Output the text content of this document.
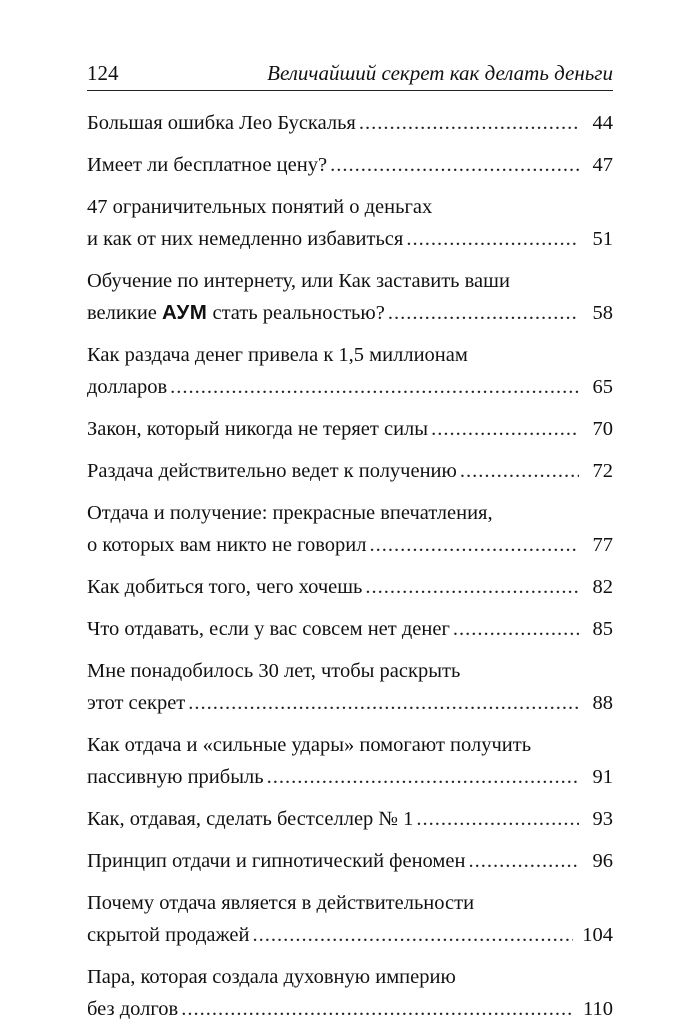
124	Величайший секрет как делать деньги
Большая ошибка Лео Бускалья .....	44
Имеет ли бесплатное цену? .....	47
47 ограничительных понятий о деньгах
и как от них немедленно избавиться .....	51
Обучение по интернету, или Как заставить ваши
великие АУМ стать реальностью? .....	58
Как раздача денег привела к 1,5 миллионам
долларов .....	65
Закон, который никогда не теряет силы .....	70
Раздача действительно ведет к получению .....	72
Отдача и получение: прекрасные впечатления,
о которых вам никто не говорил .....	77
Как добиться того, чего хочешь .....	82
Что отдавать, если у вас совсем нет денег .....	85
Мне понадобилось 30 лет, чтобы раскрыть
этот секрет .....	88
Как отдача и «сильные удары» помогают получить
пассивную прибыль .....	91
Как, отдавая, сделать бестселлер № 1 .....	93
Принцип отдачи и гипнотический феномен .....	96
Почему отдача является в действительности
скрытой продажей .....	104
Пара, которая создала духовную империю
без долгов .....	110
